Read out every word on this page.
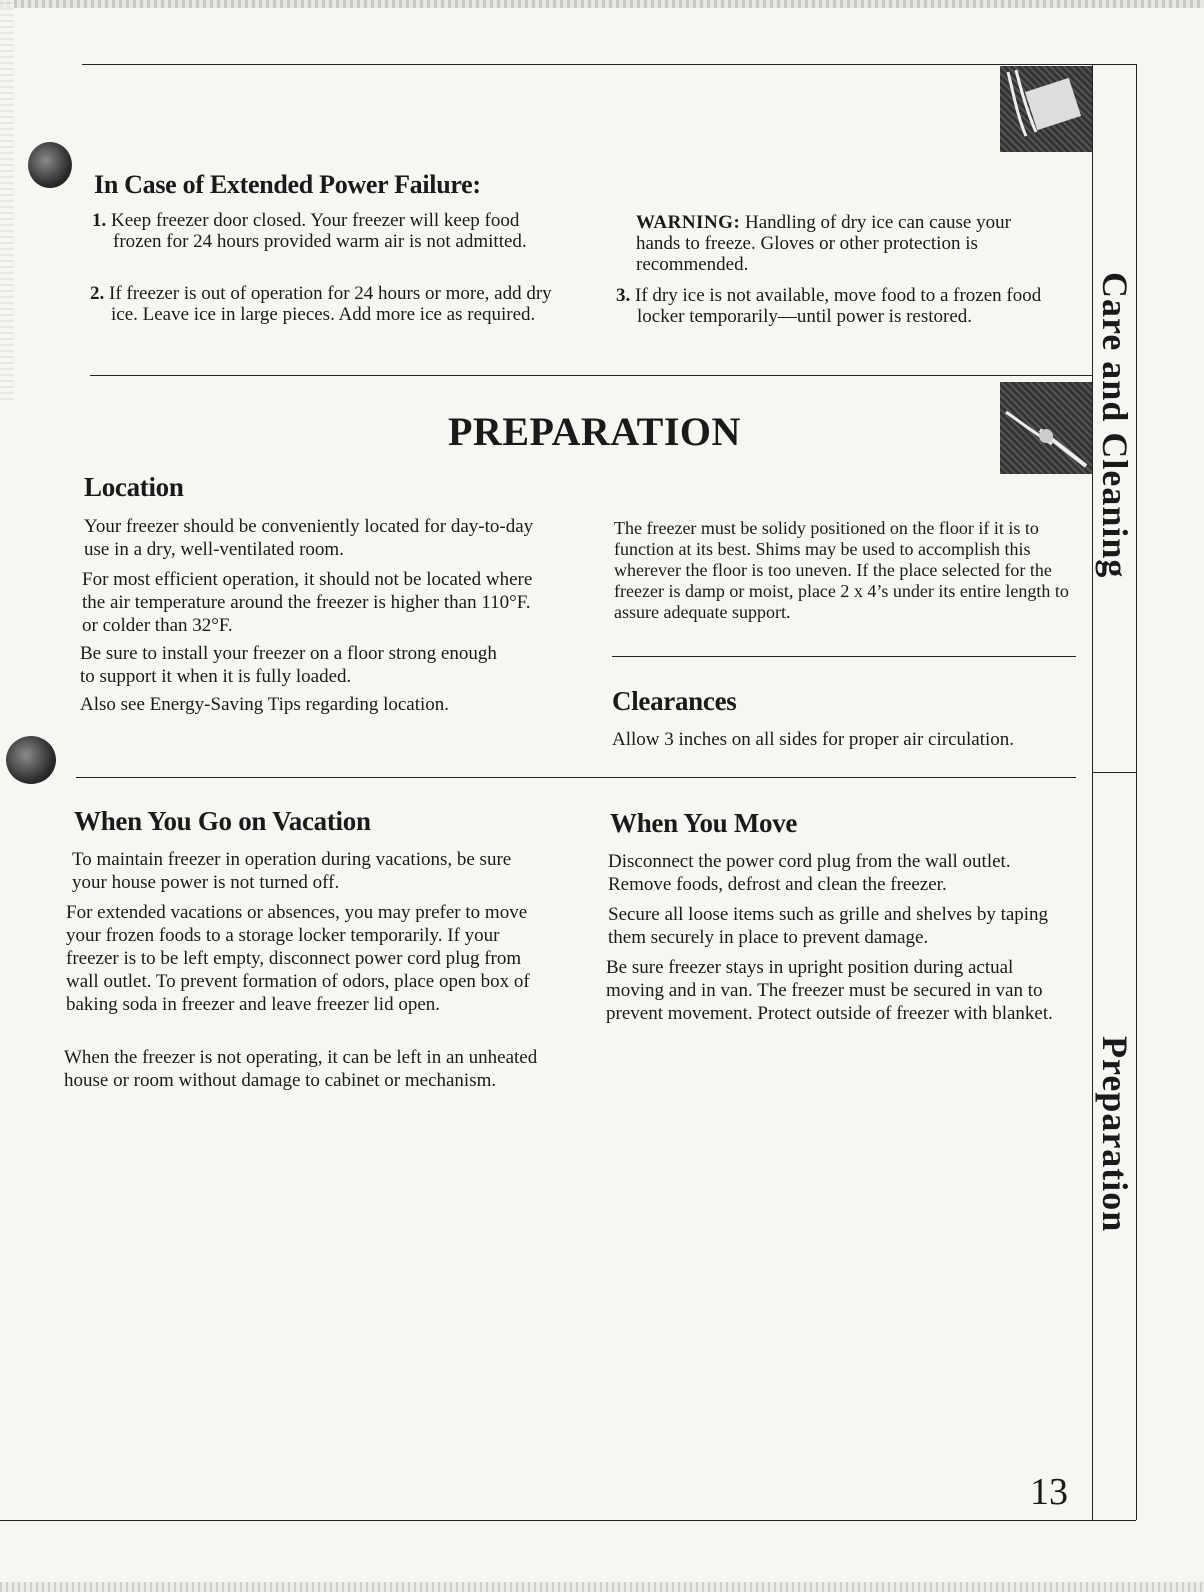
In Case of Extended Power Failure:
1. Keep freezer door closed. Your freezer will keep food frozen for 24 hours provided warm air is not admitted.
2. If freezer is out of operation for 24 hours or more, add dry ice. Leave ice in large pieces. Add more ice as required.
WARNING: Handling of dry ice can cause your hands to freeze. Gloves or other protection is recommended.
3. If dry ice is not available, move food to a frozen food locker temporarily—until power is restored.
PREPARATION
Location

Your freezer should be conveniently located for day-to-day use in a dry, well-ventilated room.

For most efficient operation, it should not be located where the air temperature around the freezer is higher than 110°F. or colder than 32°F.

Be sure to install your freezer on a floor strong enough to support it when it is fully loaded.

Also see Energy-Saving Tips regarding location.

The freezer must be solidy positioned on the floor if it is to function at its best. Shims may be used to accomplish this wherever the floor is too uneven. If the place selected for the freezer is damp or moist, place 2 x 4’s under its entire length to assure adequate support.

Clearances

Allow 3 inches on all sides for proper air circulation.

When You Go on Vacation

To maintain freezer in operation during vacations, be sure your house power is not turned off.

For extended vacations or absences, you may prefer to move your frozen foods to a storage locker temporarily. If your freezer is to be left empty, disconnect power cord plug from wall outlet. To prevent formation of odors, place open box of baking soda in freezer and leave freezer lid open.

When the freezer is not operating, it can be left in an unheated house or room without damage to cabinet or mechanism.

When You Move

Disconnect the power cord plug from the wall outlet. Remove foods, defrost and clean the freezer.

Secure all loose items such as grille and shelves by taping them securely in place to prevent damage.

Be sure freezer stays in upright position during actual moving and in van. The freezer must be secured in van to prevent movement. Protect outside of freezer with blanket.

Care and Cleaning
Preparation
13
